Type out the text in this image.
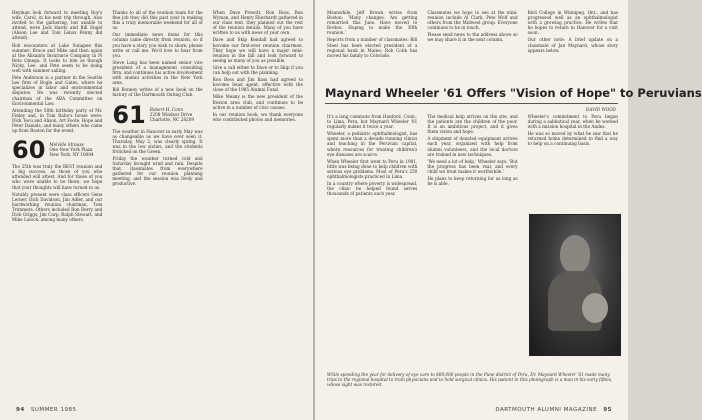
Heyman look forward to meeting Roy's wife, Carol, in his next trip through. Also invited to the gathering, but unable to attend, were Jack Hardy and Bill Engel (Alison Lee and Toni Lenox Penny did attend).

Bob encounters at Lake Sunapee this summer: Bruce and Mike and then again at the Allsaints Insurance Company in Pi Beta Omega. It looks to him as though Nicky, Lee, and Pete seem to be doing well with summer sailing.

Pete Anderson is a partner in the Seattle law firm of Bogle and Gates, where he specializes in labor and environmental disputes. He was recently elected chairman of the ABA Committee on Environmental Law.

Attending the 50th birthday party of Mr. Finley and, in Tom Rabo's house were: Dick Tecu and Alison, Art Foote, Hope and Peter Daniels, and many others who came up from Boston for the event.

60 Melville Strauss
One New York Plaza
New York, NY 10004

The 25th was truly the BEST reunion and a big success, as those of you who attended will attest. And for those of you who were unable to be there, we hope that your thoughts will have turned to us.

Notably present were class officers Gene Lerner, Dick Davidson, Jim Adler, and our hardworking reunion chairman, Tom Trimmers. Others included Ron Berry and Dick Griggs, Jim Carp, Ralph Stewart, and Mike Lalock, among many others.

Thanks to all of the reunion team for the fine job they did this past year in making this a truly memorable weekend for all of us.

Our immediate news items for this column came directly from reunion, so if you have a story you wish to share, please write or call me. We'd love to hear from you.

Steve Lang has been named senior vice president of a management consulting firm, and continues his active involvement with alumni activities in the New York area.

Bill Bonney writes of a new book on the history of the Dartmouth Outing Club.

61 Robert H. Conn
2208 Windsor Drive
Charlotte, NC 28209

The weather in Hanover in early May was as changeable as we have ever seen it. Thursday, May 2, was clearly spring. It was in the low sixties, and the students frolicked on the Green.

Friday the weather turned cold and Saturday brought wind and rain. Despite that, classmates from everywhere gathered for our reunion planning meeting, and the session was lively and productive.

When Dave Prewitt, Ron Boss, Ron Wyman, and Henry Eberhardt gathered in our class tent, they planned out the rest of the reunion details. Many of you have written to us with news of your own.

Dave and Skip Kendall had agreed to become our first-ever reunion chairmen. They hope we will have a major mini-reunion in the fall and look forward to seeing as many of you as possible.

Give a call either to Dave or to Skip if you can help out with the planning.

Ron Boss and Jim Bass had agreed to become head agent, effective with the close of the 1985 Alumni Fund.

Mike Meany is the new president of the Boston area club, and continues to be active in a number of civic causes.

In our reunion book, we thank everyone who contributed photos and memories.

94 SUMMER 1985

Meanwhile, Jeff Brown writes from Boston: 'Many changes. Am getting remarried this June. Have moved to Boston. Hoping to make the 30th reunion.'

Reports from a number of classmates: Bill Steel has been elected president of a regional bank in Maine; Rob Cobb has moved his family to Colorado.

Classmates we hope to see at the mini-reunion include Al Clark, Pete Wolf and others from the Midwest group. Everyone continues to be in touch.

Please send news to the address above so we may share it in the next column.

Bird College in Winnipeg, Ont., and has progressed well as an ophthalmologist with a growing practice. He writes that he hopes to return to Hanover for a visit soon.

Our other note: A brief update on a classmate of Jan Maynard, whose story appears below.

Maynard Wheeler '61 Offers "Vision of Hope" to Peruvians
DAVID WOOD

It's a long commute from Hanford, Conn., to Lima, Peru, but Maynard Wheeler '61 regularly makes it twice a year.

Wheeler, a pediatric ophthalmologist, has spent more than a decade running clinics and teaching in the Peruvian capital, where resources for treating children's eye diseases are scarce.

When Wheeler first went to Peru in 1981, little was being done to help children with serious eye problems. Most of Peru's 250 ophthalmologists practiced in Lima.

In a country where poverty is widespread, the clinic he helped found serves thousands of patients each year.

The medical help arrives on the site, and the patients are the children of the poor. It is an ambitious project, and it gives them vision and hope.

A shipment of donated equipment arrives each year, organized with help from alumni volunteers, and the local doctors are trained in new techniques.

'We need a lot of help,' Wheeler says. 'But the progress has been real, and every child we treat makes it worthwhile.'

He plans to keep returning for as long as he is able.

Wheeler's commitment to Peru began during a sabbatical year, when he worked with a mission hospital in the Andes.

He was so moved by what he saw that he returned home determined to find a way to help on a continuing basis.

While spending the year for delivery of eye care to 800,000 people in the Pune district of Peru, Dr. Maynard Wheeler '61 made many trips to the regional hospital to train physicians and to hold surgical clinics. His patient in this photograph is a man in his early fifties, whose sight was restored.
DARTMOUTH ALUMNI MAGAZINE 95
